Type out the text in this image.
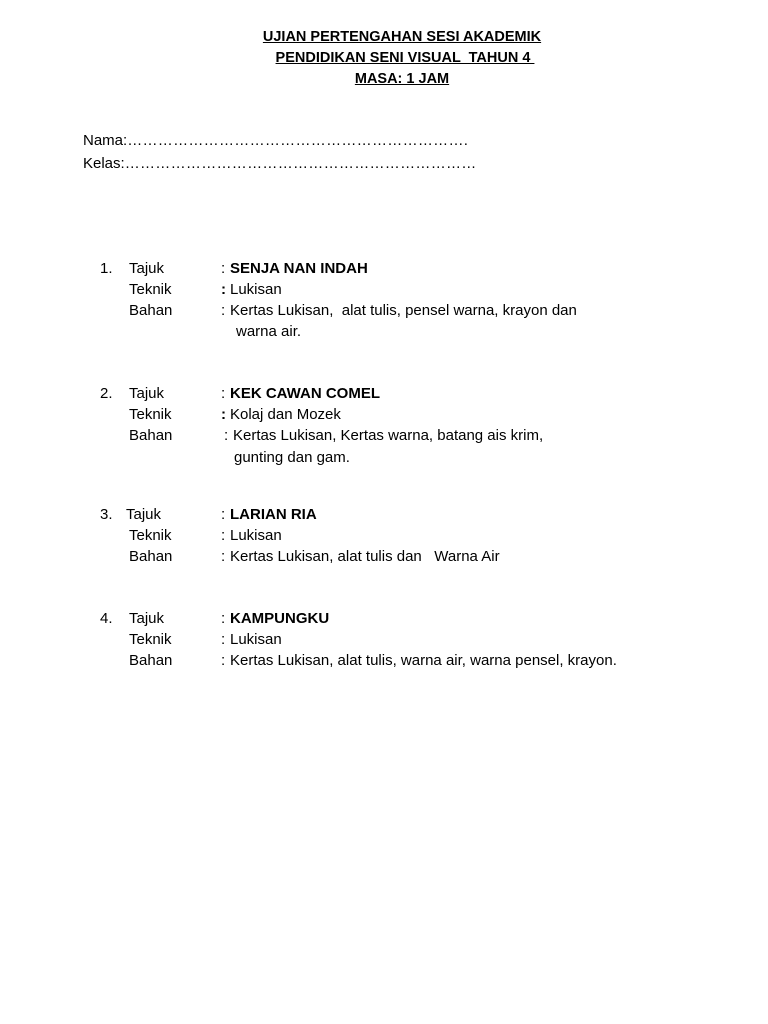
UJIAN PERTENGAHAN SESI AKADEMIK
PENDIDIKAN SENI VISUAL  TAHUN 4
MASA: 1 JAM
Nama:………………………………………………………….
Kelas:……………………………………………………………
1. Tajuk	: SENJA NAN INDAH
Teknik	: Lukisan
Bahan	: Kertas Lukisan,  alat tulis, pensel warna, krayon dan
warna air.
2. Tajuk	: KEK CAWAN COMEL
Teknik	: Kolaj dan Mozek
Bahan	: Kertas Lukisan, Kertas warna, batang ais krim,
gunting dan gam.
3. Tajuk	: LARIAN RIA
Teknik	: Lukisan
Bahan	: Kertas Lukisan, alat tulis dan   Warna Air
4. Tajuk	: KAMPUNGKU
Teknik	: Lukisan
Bahan	: Kertas Lukisan, alat tulis, warna air, warna pensel, krayon.
